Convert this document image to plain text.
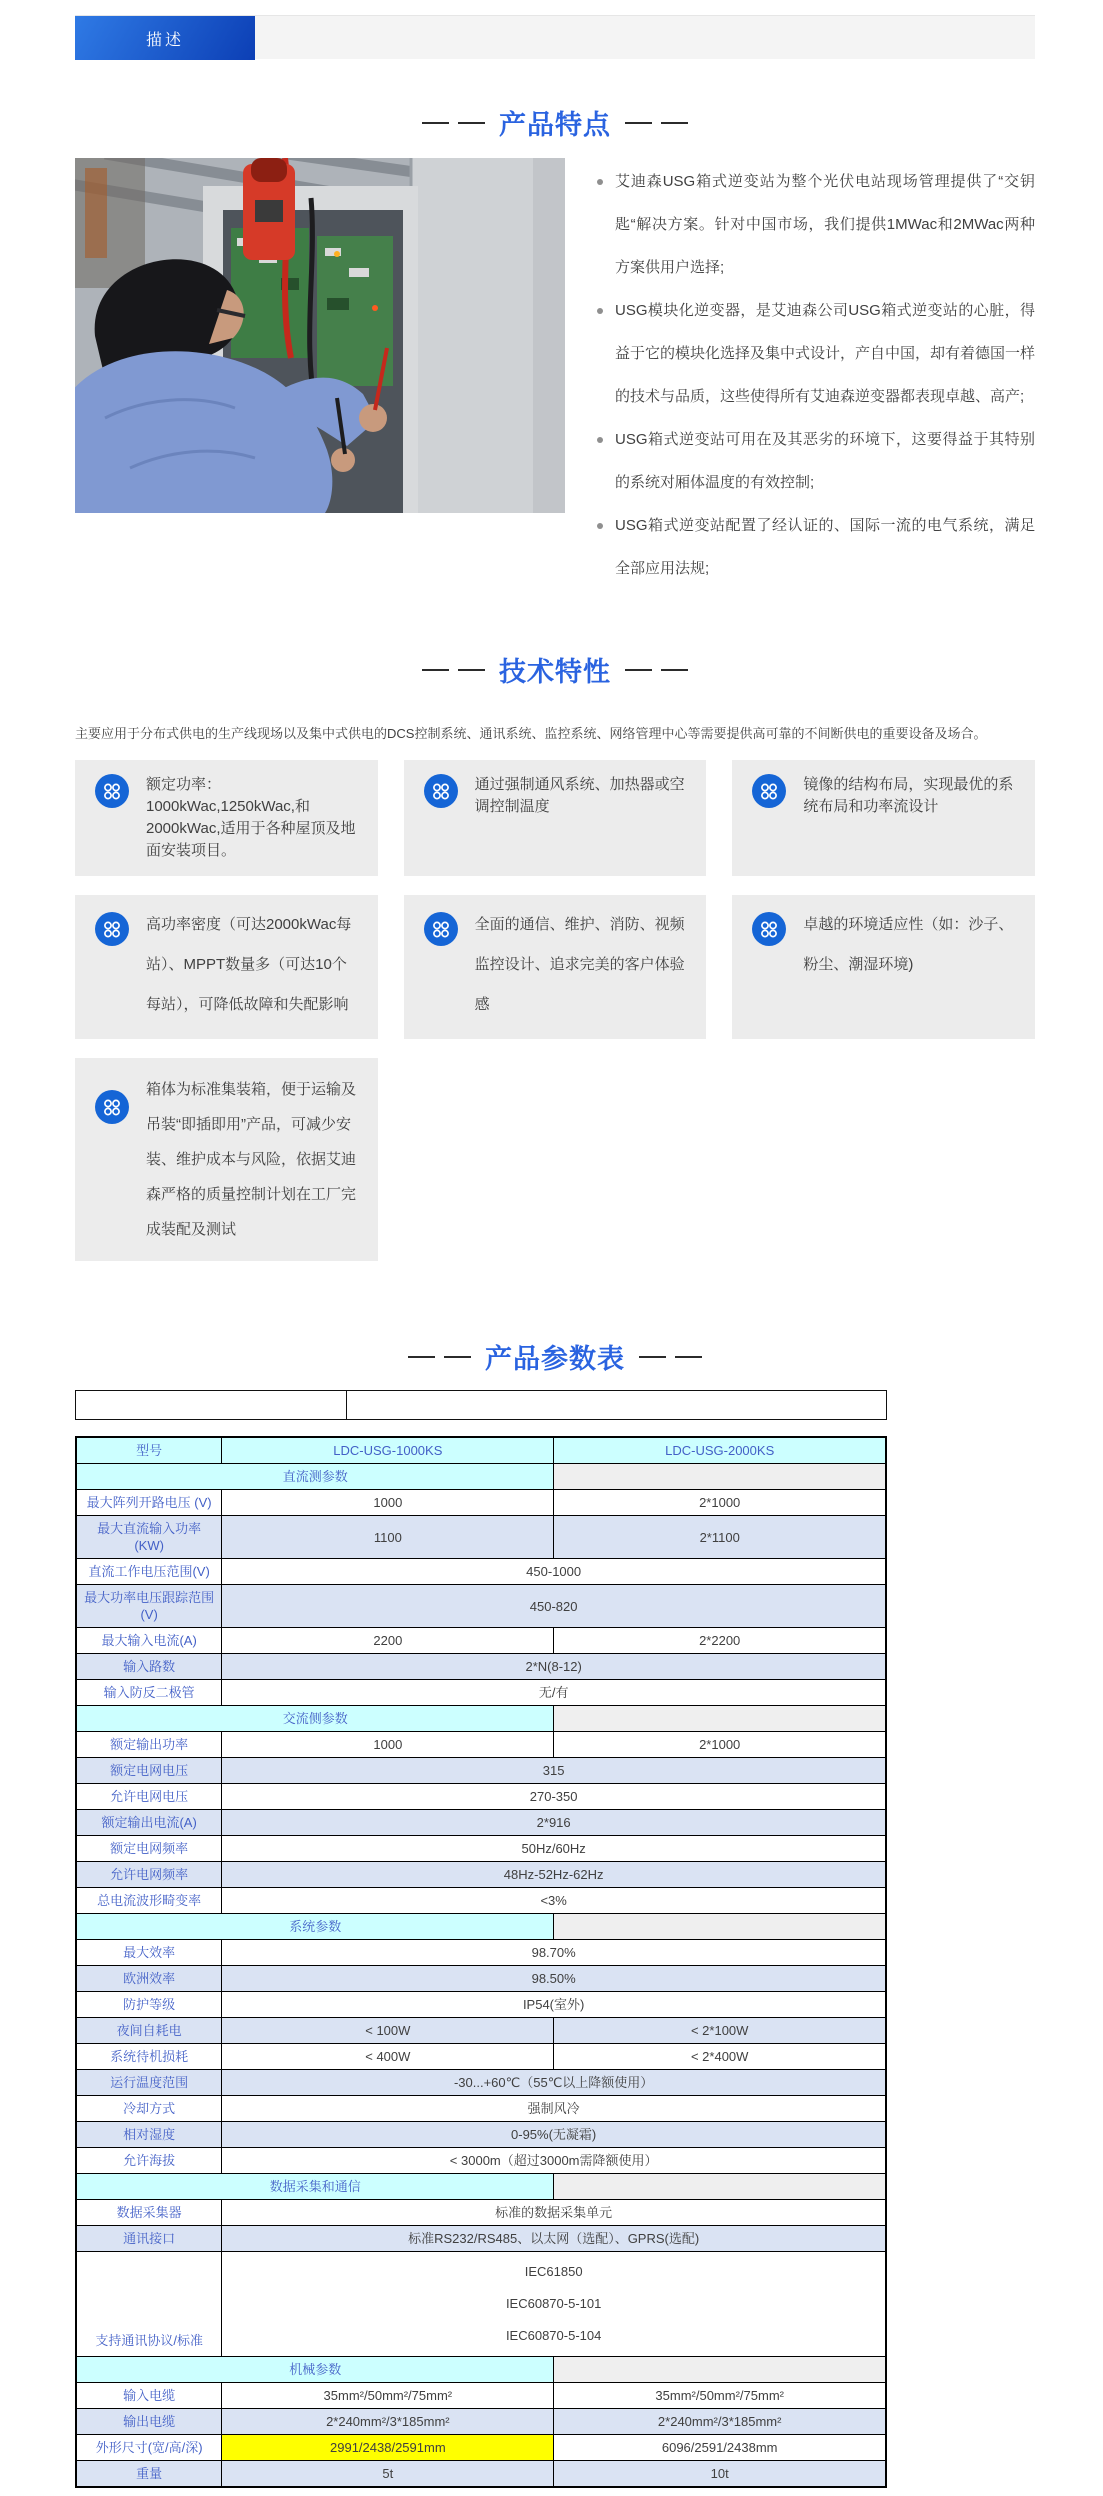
描述
产品特点
艾迪森USG箱式逆变站为整个光伏电站现场管理提供了“交钥匙“解决方案。针对中国市场，我们提供1MWac和2MWac两种方案供用户选择;
USG模块化逆变器，是艾迪森公司USG箱式逆变站的心脏，得益于它的模块化选择及集中式设计，产自中国，却有着德国一样的技术与品质，这些使得所有艾迪森逆变器都表现卓越、高产;
USG箱式逆变站可用在及其恶劣的环境下，这要得益于其特别的系统对厢体温度的有效控制;
USG箱式逆变站配置了经认证的、国际一流的电气系统，满足全部应用法规;
技术特性

主要应用于分布式供电的生产线现场以及集中式供电的DCS控制系统、通讯系统、监控系统、网络管理中心等需要提供高可靠的不间断供电的重要设备及场合。

额定功率： 1000kWac,1250kWac,和2000kWac,适用于各种屋顶及地面安装项目。
通过强制通风系统、加热器或空调控制温度
镜像的结构布局，实现最优的系统布局和功率流设计
高功率密度（可达2000kWac每站）、MPPT数量多（可达10个每站），可降低故障和失配影响
全面的通信、维护、消防、视频监控设计、追求完美的客户体验感
卓越的环境适应性（如：沙子、粉尘、潮湿环境)
箱体为标准集装箱，便于运输及吊装“即插即用”产品，可减少安装、维护成本与风险，依据艾迪森严格的质量控制计划在工厂完成装配及测试
产品参数表
型号	LDC-USG-1000KS	LDC-USG-2000KS
直流测参数		
最大阵列开路电压 (V)	1000	2*1000
最大直流输入功率(KW)	1100	2*1100
直流工作电压范围(V)	450-1000	
最大功率电压跟踪范围(V)	450-820	
最大输入电流(A)	2200	2*2200
输入路数	2*N(8-12)	
输入防反二极管	无/有	
交流侧参数		
额定输出功率	1000	2*1000
额定电网电压	315	
允许电网电压	270-350	
额定输出电流(A)	2*916	
额定电网频率	50Hz/60Hz	
允许电网频率	48Hz-52Hz-62Hz	
总电流波形畸变率	<3%	
系统参数		
最大效率	98.70%	
欧洲效率	98.50%	
防护等级	IP54(室外)	
夜间自耗电	< 100W	< 2*100W
系统待机损耗	< 400W	< 2*400W
运行温度范围	-30...+60℃（55℃以上降额使用）	
冷却方式	强制风冷	
相对湿度	0-95%(无凝霜)	
允许海拔	< 3000m（超过3000m需降额使用）	
数据采集和通信		
数据采集器	标准的数据采集单元	
通讯接口	标准RS232/RS485、以太网（选配）、GPRS(选配)	
支持通讯协议/标准	IEC61850
IEC60870-5-101
IEC60870-5-104	

机械参数		
输入电缆	35mm²/50mm²/75mm²	35mm²/50mm²/75mm²
输出电缆	2*240mm²/3*185mm²	2*240mm²/3*185mm²
外形尺寸(宽/高/深)	2991/2438/2591mm	6096/2591/2438mm
重量	5t	10t
